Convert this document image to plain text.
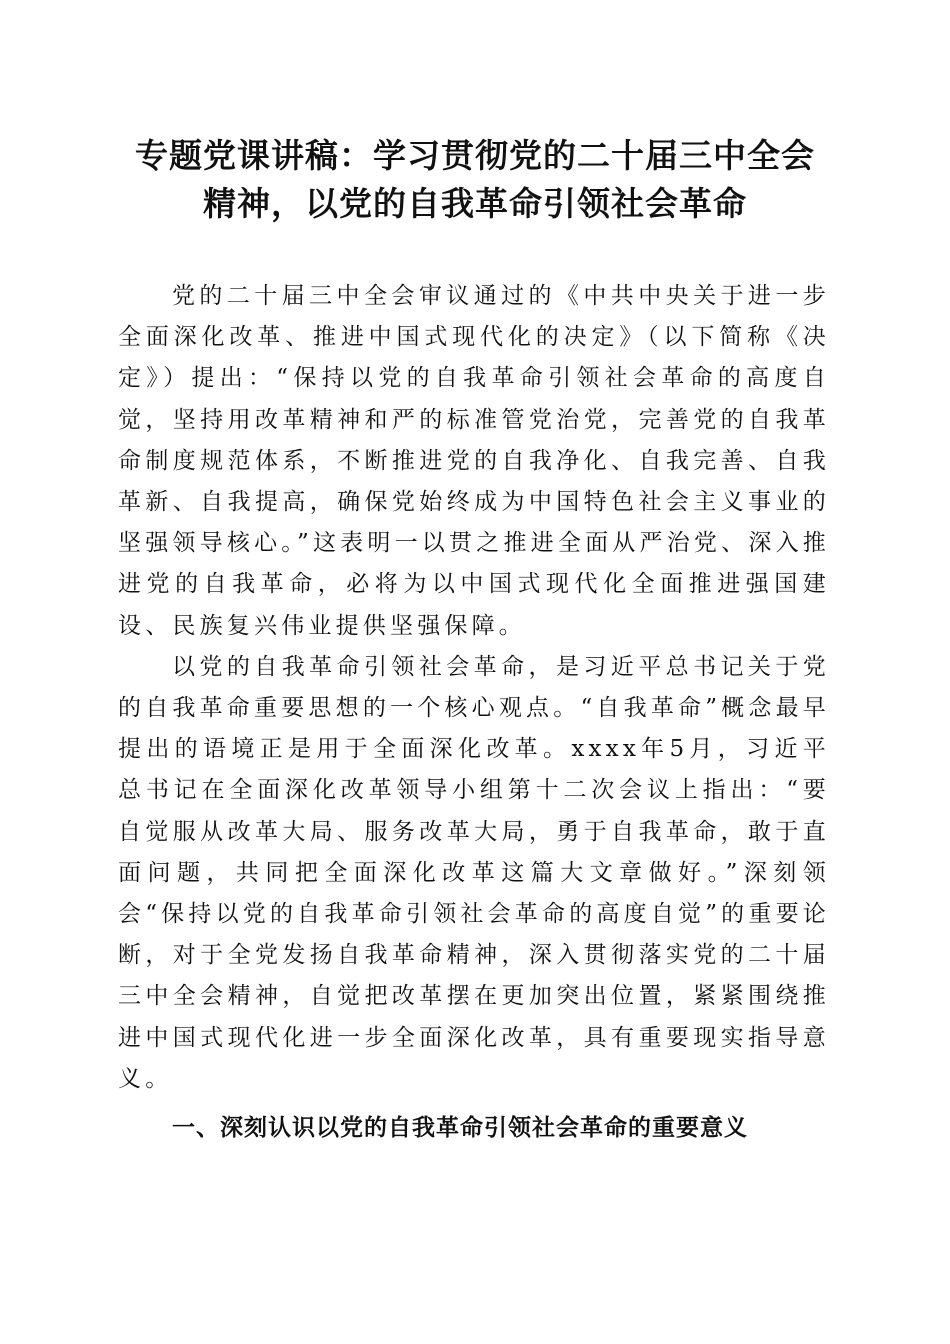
专题党课讲稿：学习贯彻党的二十届三中全会
精神，以党的自我革命引领社会革命

党的二十届三中全会审议通过的《中共中央关于进一步全面深化改革、推进中国式现代化的决定》（以下简称《决定》）提出：“保持以党的自我革命引领社会革命的高度自觉，坚持用改革精神和严的标准管党治党，完善党的自我革命制度规范体系，不断推进党的自我净化、自我完善、自我革新、自我提高，确保党始终成为中国特色社会主义事业的坚强领导核心。”这表明一以贯之推进全面从严治党、深入推进党的自我革命，必将为以中国式现代化全面推进强国建设、民族复兴伟业提供坚强保障。

以党的自我革命引领社会革命，是习近平总书记关于党的自我革命重要思想的一个核心观点。“自我革命”概念最早提出的语境正是用于全面深化改革。xxxx年5月，习近平总书记在全面深化改革领导小组第十二次会议上指出：“要自觉服从改革大局、服务改革大局，勇于自我革命，敢于直面问题，共同把全面深化改革这篇大文章做好。”深刻领会“保持以党的自我革命引领社会革命的高度自觉”的重要论断，对于全党发扬自我革命精神，深入贯彻落实党的二十届三中全会精神，自觉把改革摆在更加突出位置，紧紧围绕推进中国式现代化进一步全面深化改革，具有重要现实指导意义。

一、深刻认识以党的自我革命引领社会革命的重要意义
